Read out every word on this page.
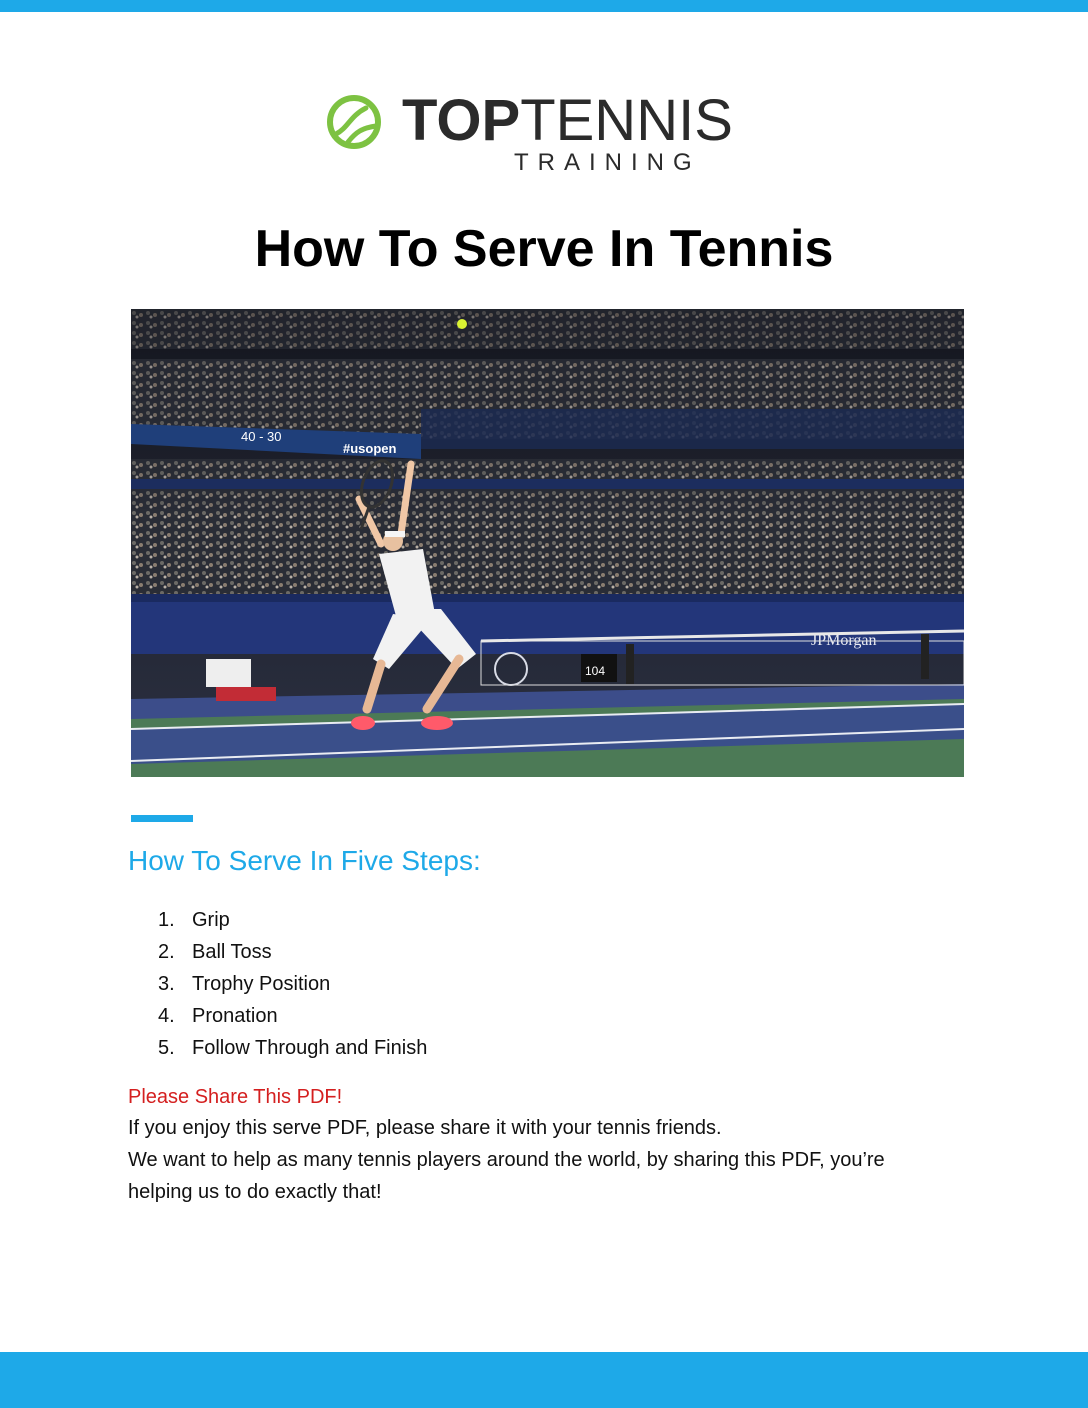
TOPTENNIS
TRAINING
How To Serve In Tennis
40 - 30
#usopen
JPMorgan
104
How To Serve In Five Steps:
1. Grip
2. Ball Toss
3. Trophy Position
4. Pronation
5. Follow Through and Finish
Please Share This PDF!

If you enjoy this serve PDF, please share it with your tennis friends.

We want to help as many tennis players around the world, by sharing this PDF, you’re

helping us to do exactly that!
